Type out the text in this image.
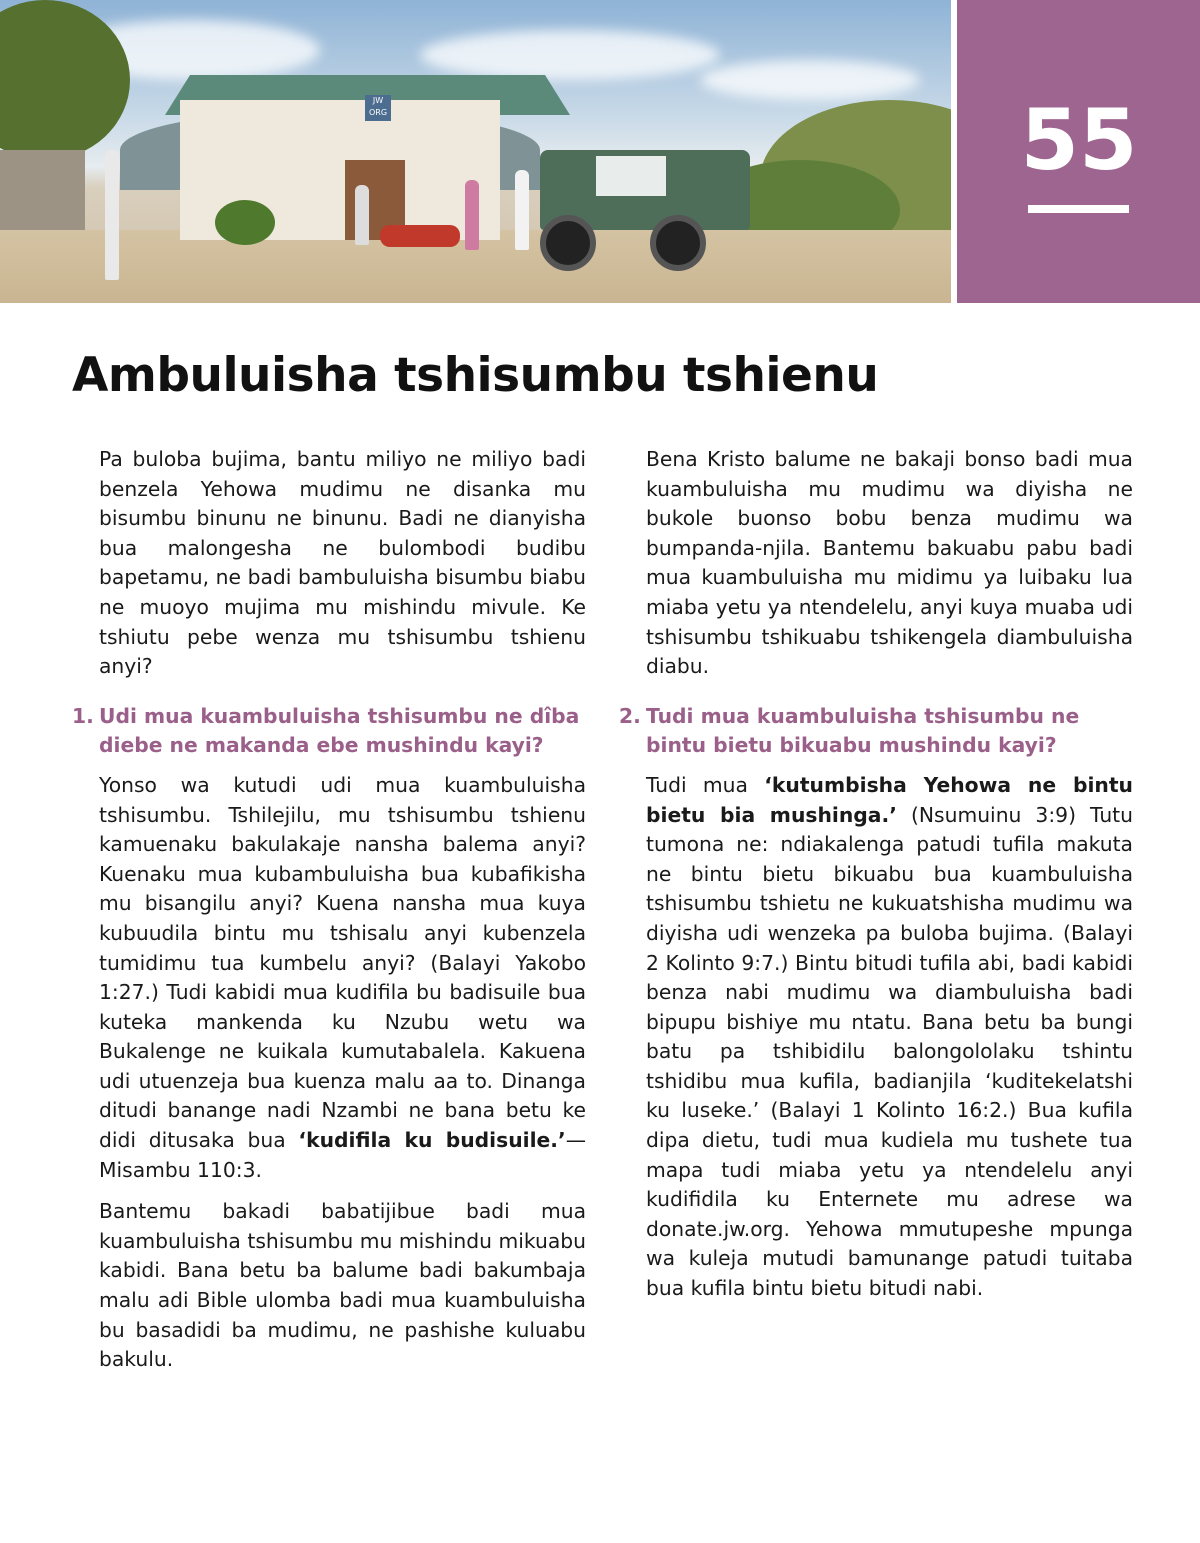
JW
ORG	55
Ambuluisha tshisumbu tshienu

Pa buloba bujima, bantu miliyo ne miliyo badi benzela Yehowa mudimu ne disanka mu bisumbu binunu ne binunu. Badi ne dianyisha bua malongesha ne bulombodi budibu bapetamu, ne badi bambuluisha bisumbu biabu ne muoyo mujima mu mishindu mivule. Ke tshiutu pebe wenza mu tshisumbu tshienu anyi?

1. Udi mua kuambuluisha tshisumbu ne dîba diebe ne makanda ebe mushindu kayi?

Yonso wa kutudi udi mua kuambuluisha tshisumbu. Tshilejilu, mu tshisumbu tshienu kamuenaku bakulakaje nansha balema anyi? Kuenaku mua kubambuluisha bua kubafikisha mu bisangilu anyi? Kuena nansha mua kuya kubuudila bintu mu tshisalu anyi kubenzela tumidimu tua kumbelu anyi? (Balayi Yakobo 1:27.) Tudi kabidi mua kudifila bu badisuile bua kuteka mankenda ku Nzubu wetu wa Bukalenge ne kuikala kumutabalela. Kakuena udi utuenzeja bua kuenza malu aa to. Dinanga ditudi banange nadi Nzambi ne bana betu ke didi ditusaka bua ‘kudifila ku budisuile.’—Misambu 110:3.

Bantemu bakadi babatijibue badi mua kuambuluisha tshisumbu mu mishindu mikuabu kabidi. Bana betu ba balume badi bakumbaja malu adi Bible ulomba badi mua kuambuluisha bu basadidi ba mudimu, ne pashishe kuluabu bakulu.

Bena Kristo balume ne bakaji bonso badi mua kuambuluisha mu mudimu wa diyisha ne bukole buonso bobu benza mudimu wa bumpanda-njila. Bantemu bakuabu pabu badi mua kuambuluisha mu midimu ya luibaku lua miaba yetu ya ntendelelu, anyi kuya muaba udi tshisumbu tshikuabu tshikengela diambuluisha diabu.

2. Tudi mua kuambuluisha tshisumbu ne bintu bietu bikuabu mushindu kayi?

Tudi mua ‘kutumbisha Yehowa ne bintu bietu bia mushinga.’ (Nsumuinu 3:9) Tutu tumona ne: ndiakalenga patudi tufila makuta ne bintu bietu bikuabu bua kuambuluisha tshisumbu tshietu ne kukuatshisha mudimu wa diyisha udi wenzeka pa buloba bujima. (Balayi 2 Kolinto 9:7.) Bintu bitudi tufila abi, badi kabidi benza nabi mudimu wa diambuluisha badi bipupu bishiye mu ntatu. Bana betu ba bungi batu pa tshibidilu balongololaku tshintu tshidibu mua kufila, badianjila ‘kuditekelatshi ku luseke.’ (Balayi 1 Kolinto 16:2.) Bua kufila dipa dietu, tudi mua kudiela mu tushete tua mapa tudi miaba yetu ya ntendelelu anyi kudifidila ku Enternete mu adrese wa donate.jw.org. Yehowa mmutupeshe mpunga wa kuleja mutudi bamunange patudi tuitaba bua kufila bintu bietu bitudi nabi.
